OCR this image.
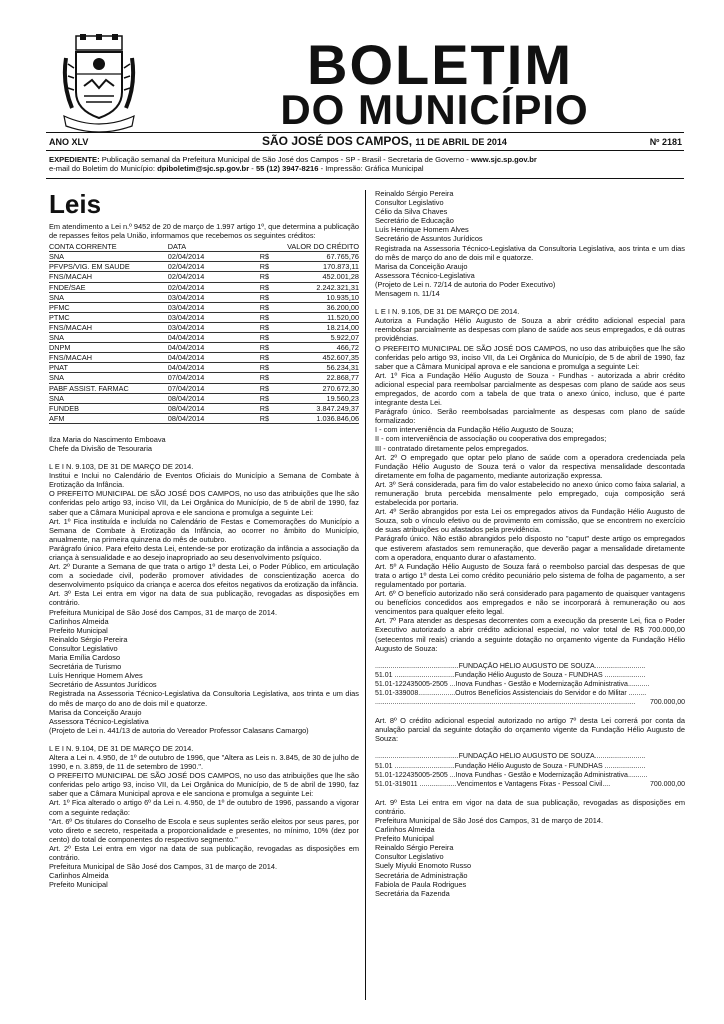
BOLETIM
DO MUNICÍPIO
ANO XLV	SÃO JOSÉ DOS CAMPOS, 11 DE ABRIL DE 2014	Nº 2181
EXPEDIENTE: Publicação semanal da Prefeitura Municipal de São José dos Campos - SP - Brasil - Secretaria de Governo - www.sjc.sp.gov.br
e-mail do Boletim do Município: dpiboletim@sjc.sp.gov.br - 55 (12) 3947-8216 - Impressão: Gráfica Municipal
Leis

Em atendimento a Lei n.º 9452 de 20 de março de 1.997 artigo 1º, que determina a publicação de repasses feitos pela União, informamos que recebemos os seguintes créditos:

CONTA CORRENTE	DATA	VALOR DO CRÉDITO	
SNA	02/04/2014	R$	67.765,76
PFVPS/VIG. EM SAUDE	02/04/2014	R$	170.873,11
FNS/MACAH	02/04/2014	R$	452.001,28
FNDE/SAE	02/04/2014	R$	2.242.321,31
SNA	03/04/2014	R$	10.935,10
PFMC	03/04/2014	R$	36.200,00
PTMC	03/04/2014	R$	11.520,00
FNS/MACAH	03/04/2014	R$	18.214,00
SNA	04/04/2014	R$	5.922,07
DNPM	04/04/2014	R$	466,72
FNS/MACAH	04/04/2014	R$	452.607,35
PNAT	04/04/2014	R$	56.234,31
SNA	07/04/2014	R$	22.868,77
PABF ASSIST. FARMAC	07/04/2014	R$	270.672,30
SNA	08/04/2014	R$	19.560,23
FUNDEB	08/04/2014	R$	3.847.249,37
AFM	08/04/2014	R$	1.036.846,06

Ilza Maria do Nascimento Emboava

Chefe da Divisão de Tesouraria

L E I N. 9.103, DE 31 DE MARÇO DE 2014.

Institui e Inclui no Calendário de Eventos Oficiais do Município a Semana de Combate à Erotização da Infância.

O PREFEITO MUNICIPAL DE SÃO JOSÉ DOS CAMPOS, no uso das atribuições que lhe são conferidas pelo artigo 93, inciso VII, da Lei Orgânica do Município, de 5 de abril de 1990, faz saber que a Câmara Municipal aprova e ele sanciona e promulga a seguinte Lei:

Art. 1º Fica instituída e incluída no Calendário de Festas e Comemorações do Município a Semana de Combate à Erotização da Infância, ao ocorrer no âmbito do Município, anualmente, na primeira quinzena do mês de outubro.

Parágrafo único. Para efeito desta Lei, entende-se por erotização da infância a associação da criança à sensualidade e ao desejo inapropriado ao seu desenvolvimento psíquico.

Art. 2º Durante a Semana de que trata o artigo 1º desta Lei, o Poder Público, em articulação com a sociedade civil, poderão promover atividades de conscientização acerca do desenvolvimento psíquico da criança e acerca dos efeitos negativos da erotização da infância.

Art. 3º Esta Lei entra em vigor na data de sua publicação, revogadas as disposições em contrário.

Prefeitura Municipal de São José dos Campos, 31 de março de 2014.

Carlinhos Almeida

Prefeito Municipal

Reinaldo Sérgio Pereira

Consultor Legislativo

Maria Emília Cardoso

Secretária de Turismo

Luís Henrique Homem Alves

Secretário de Assuntos Jurídicos

Registrada na Assessoria Técnico-Legislativa da Consultoria Legislativa, aos trinta e um dias do mês de março do ano de dois mil e quatorze.

Marisa da Conceição Araujo

Assessora Técnico-Legislativa

(Projeto de Lei n. 441/13 de autoria do Vereador Professor Calasans Camargo)

L E I N. 9.104, DE 31 DE MARÇO DE 2014.

Altera a Lei n. 4.950, de 1º de outubro de 1996, que "Altera as Leis n. 3.845, de 30 de julho de 1990, e n. 3.859, de 11 de setembro de 1990.".

O PREFEITO MUNICIPAL DE SÃO JOSÉ DOS CAMPOS, no uso das atribuições que lhe são conferidas pelo artigo 93, inciso VII, da Lei Orgânica do Município, de 5 de abril de 1990, faz saber que a Câmara Municipal aprova e ele sanciona e promulga a seguinte Lei:

Art. 1º Fica alterado o artigo 6º da Lei n. 4.950, de 1º de outubro de 1996, passando a vigorar com a seguinte redação:

"Art. 6º Os titulares do Conselho de Escola e seus suplentes serão eleitos por seus pares, por voto direto e secreto, respeitada a proporcionalidade e presentes, no mínimo, 10% (dez por cento) do total de componentes do respectivo segmento."

Art. 2º Esta Lei entra em vigor na data de sua publicação, revogadas as disposições em contrário.

Prefeitura Municipal de São José dos Campos, 31 de março de 2014.

Carlinhos Almeida

Prefeito Municipal

Reinaldo Sérgio Pereira

Consultor Legislativo

Célio da Silva Chaves

Secretário de Educação

Luís Henrique Homem Alves

Secretário de Assuntos Jurídicos

Registrada na Assessoria Técnico-Legislativa da Consultoria Legislativa, aos trinta e um dias do mês de março do ano de dois mil e quatorze.

Marisa da Conceição Araujo

Assessora Técnico-Legislativa

(Projeto de Lei n. 72/14 de autoria do Poder Executivo)

Mensagem n. 11/14

L E I N. 9.105, DE 31 DE MARÇO DE 2014.

Autoriza a Fundação Hélio Augusto de Souza a abrir crédito adicional especial para reembolsar parcialmente as despesas com plano de saúde aos seus empregados, e dá outras providências.

O PREFEITO MUNICIPAL DE SÃO JOSÉ DOS CAMPOS, no uso das atribuições que lhe são conferidas pelo artigo 93, inciso VII, da Lei Orgânica do Município, de 5 de abril de 1990, faz saber que a Câmara Municipal aprova e ele sanciona e promulga a seguinte Lei:

Art. 1º Fica a Fundação Hélio Augusto de Souza - Fundhas - autorizada a abrir crédito adicional especial para reembolsar parcialmente as despesas com plano de saúde aos seus empregados, de acordo com a tabela de que trata o anexo único, incluso, que é parte integrante desta Lei.

Parágrafo único. Serão reembolsadas parcialmente as despesas com plano de saúde formalizado:

I - com interveniência da Fundação Hélio Augusto de Souza;

II - com interveniência de associação ou cooperativa dos empregados;

III - contratado diretamente pelos empregados.

Art. 2º O empregado que optar pelo plano de saúde com a operadora credenciada pela Fundação Hélio Augusto de Souza terá o valor da respectiva mensalidade descontada diretamente em folha de pagamento, mediante autorização expressa.

Art. 3º Será considerada, para fim do valor estabelecido no anexo único como faixa salarial, a remuneração bruta percebida mensalmente pelo empregado, cuja composição será estabelecida por portaria.

Art. 4º Serão abrangidos por esta Lei os empregados ativos da Fundação Hélio Augusto de Souza, sob o vínculo efetivo ou de provimento em comissão, que se encontrem no exercício de suas atribuições ou afastados pela previdência.

Parágrafo único. Não estão abrangidos pelo disposto no "caput" deste artigo os empregados que estiverem afastados sem remuneração, que deverão pagar a mensalidade diretamente com a operadora, enquanto durar o afastamento.

Art. 5º A Fundação Hélio Augusto de Souza fará o reembolso parcial das despesas de que trata o artigo 1º desta Lei como crédito pecuniário pelo sistema de folha de pagamento, a ser regulamentado por portaria.

Art. 6º O benefício autorizado não será considerado para pagamento de quaisquer vantagens ou benefícios concedidos aos empregados e não se incorporará à remuneração ou aos vencimentos para qualquer efeito legal.

Art. 7º Para atender as despesas decorrentes com a execução da presente Lei, fica o Poder Executivo autorizado a abrir crédito adicional especial, no valor total de R$ 700.000,00 (setecentos mil reais) criando a seguinte dotação no orçamento vigente da Fundação Hélio Augusto de Souza:

...........................................FUNDAÇÃO HÉLIO AUGUSTO DE SOUZA..........................
51.01 ...............................Fundação Hélio Augusto de Souza - FUNDHAS .....................
51.01-122435005-2505 ...Inova Fundhas - Gestão e Modernização Administrativa...........
51.01-339008...................Outros Benefícios Assistenciais do Servidor e do Militar .........
700.000,00
......................................................................................................................................

Art. 8º O crédito adicional especial autorizado no artigo 7º desta Lei correrá por conta da anulação parcial da seguinte dotação do orçamento vigente da Fundação Hélio Augusto de Souza:

...........................................FUNDAÇÃO HÉLIO AUGUSTO DE SOUZA..........................
51.01 ...............................Fundação Hélio Augusto de Souza - FUNDHAS .....................
51.01-122435005-2505 ...Inova Fundhas - Gestão e Modernização Administrativa..........
700.000,00
51.01-319011 ...................Vencimentos e Vantagens Fixas - Pessoal Civil....

Art. 9º Esta Lei entra em vigor na data de sua publicação, revogadas as disposições em contrário.

Prefeitura Municipal de São José dos Campos, 31 de março de 2014.

Carlinhos Almeida

Prefeito Municipal

Reinaldo Sérgio Pereira

Consultor Legislativo

Suely Miyuki Enomoto Russo

Secretária de Administração

Fabiola de Paula Rodrigues

Secretária da Fazenda
